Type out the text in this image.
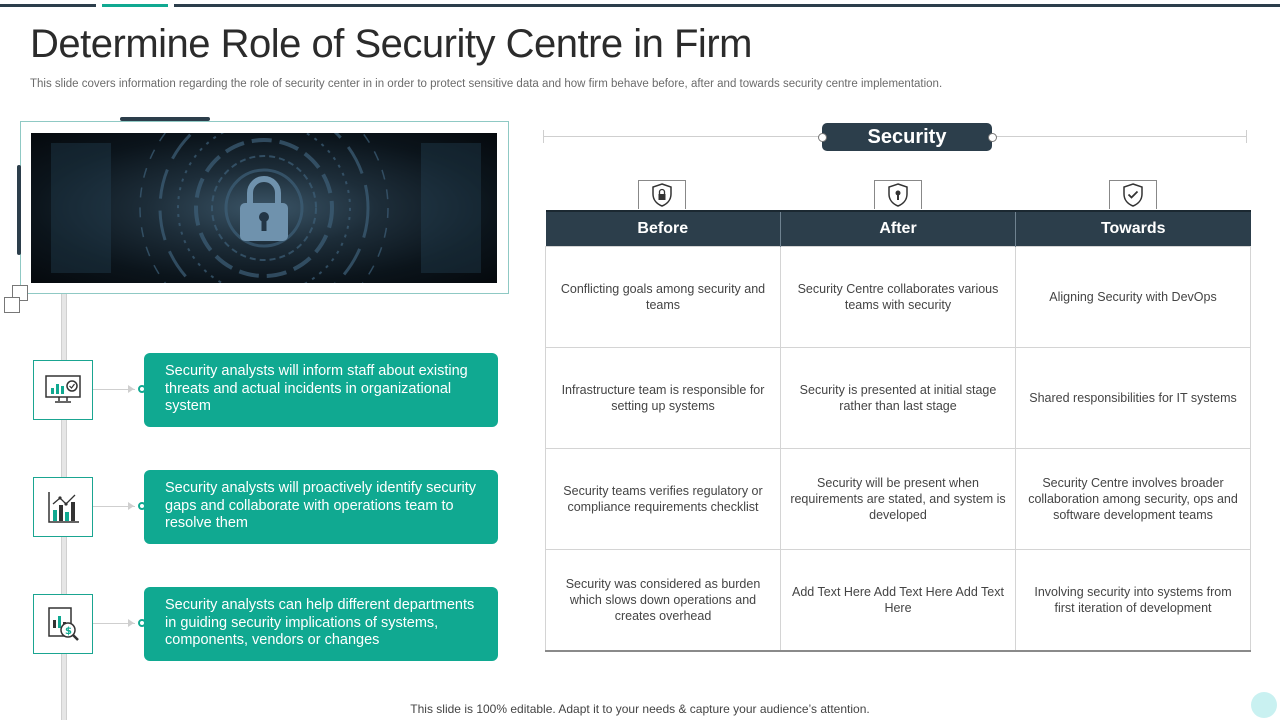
Determine Role of Security Centre in Firm
This slide covers information regarding the role of security center in in order to protect sensitive data and how firm behave before, after and towards security centre implementation.
Security analysts will inform staff about existing threats and actual incidents in organizational system
Security analysts will proactively identify security gaps and collaborate with operations team to resolve them
$
Security analysts can help different departments in guiding security implications of systems, components, vendors or changes
Security
Before	After	Towards
Conflicting goals among security and teams	Security Centre collaborates various teams with security	Aligning Security with DevOps
Infrastructure team is responsible for setting up systems	Security is presented at initial stage rather than last stage	Shared responsibilities for IT systems
Security teams verifies regulatory or compliance requirements checklist	Security will be present when requirements are stated, and system is developed	Security Centre involves broader collaboration among security, ops and software development teams
Security was considered as burden which slows down operations and creates overhead	Add Text Here Add Text Here Add Text Here	Involving security into systems from first iteration of development
This slide is 100% editable. Adapt it to your needs & capture your audience’s attention.
